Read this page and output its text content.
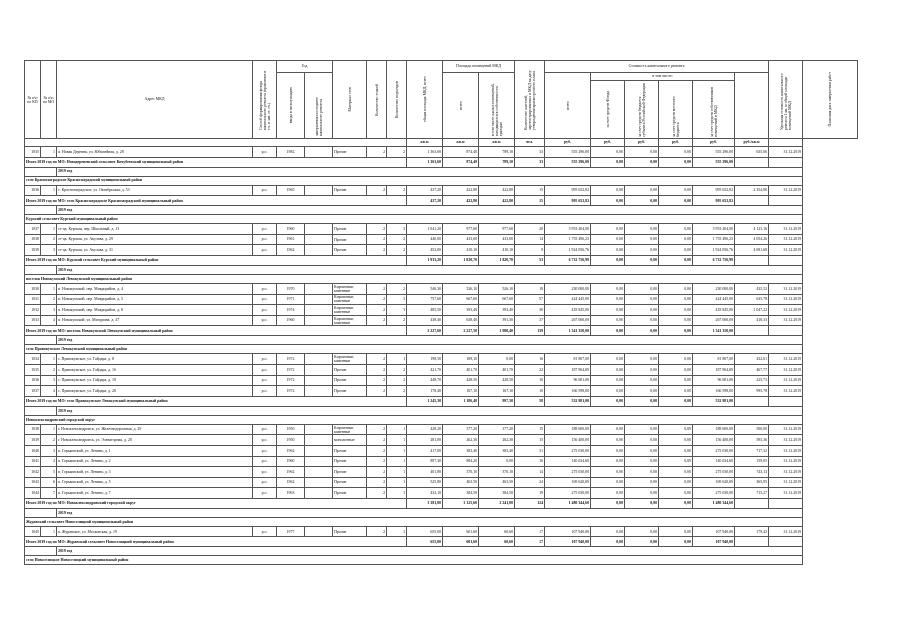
№ п\п по КП	№ п\п по МО	Адрес МКД	Способ формирования фонда капитального ремонта (правление в т.ч. в зав. от. сч.)	Год		Материал стен	Количество этажей	Количество подъездов	общая площадь МКД, всего	Площадь помещений МКД		Количество жителей, зарегистрированных в МКД на дату утверждения краткосрочного плана	Стоимость капитального ремонта						Удельная стоимость капитального ремонта 1 кв. м общей площади помещений МКД	Плановая дата завершения работ

				ввода в эксплуатацию	завершения последнего капитального ремонта					всего	в том числе жилых помещений, находящихся в собственности граждан		всего	в том числе:						

														за счет средств Фонда	за счет средств бюджета субъекта Российской Федерации	за счет средств местного бюджета	за счет средств собственников помещений в МКД			

									кв.м	кв.м	кв.м	чел.	руб.	руб.	руб.	руб.	руб.	руб./кв.м		
1035	1	п. Новая Деревня, ул. Юбилейная, д. 28	р.о.	1982		Прочие	2	2	1 363,60	874,40	789,10	33	555 296,00	0,00	0,00	0,00	555 296,00	635,06	31.12.2019	
Итого 2019 год по МО: Новодеревенский сельсовет Кочубеевский муниципальный район									1 363,60	874,40	789,10	33	555 296,00	0,00	0,00	0,00	555 296,00			
		2019 год																		
село Краснозаградское Краснозаградский муниципальный район																				
1036	1	с. Краснозаградское, ул. Октябрьская, д. 53	р.о.	1965		Прочие	2	2	437,20	422,80	422,80	15	995 652,82	0,00	0,00	0,00	995 652,82	2 354,90	31.12.2019	
Итого 2019 год по МО: село Краснозаградское Краснозаградский муниципальный район									437,20	422,80	422,80	15	995 652,82	0,00	0,00	0,00	995 652,82			
		2019 год																		
Курский сельсовет Курский муниципальный район																				
1037	1	ст-ца. Курская, пер. Школьный, д. 13	р.о.	1960		Прочие	2	3	1 041,20	977,60	977,60	20	3 953 204,00	0,00	0,00	0,00	3 953 204,00	4 123,16	31.12.2019	
1038	2	ст-ца. Курская, ул. Акулова, д. 29	р.о.	1961		Прочие	2	2	440,00	433,00	433,00	14	1 755 496,23	0,00	0,00	0,00	1 755 496,23	4 054,26	31.12.2019	
1039	3	ст-ца. Курская, ул. Акулова, д. 31	р.о.	1962		Прочие	2	2	452,00	410,10	410,10	9	1 924 056,76	0,00	0,00	0,00	1 924 056,76	4 691,68	31.12.2019	
Итого 2019 год по МО: Курский сельсовет Курский муниципальный район									1 933,20	1 820,70	1 820,70	53	6 732 756,99	0,00	0,00	0,00	6 732 756,99			
		2019 год																		
поселок Новокумский Левокумский муниципальный район																				
1030	1	п. Новокумский, пер. Микрорайон, д. 4	р.о.	1970		Кирпичные, каменные	2	2	546,30	526,10	526,10	18	230 000,00	0,00	0,00	0,00	230 000,00	435,52	31.12.2019	
1031	2	п. Новокумский, пер. Микрорайон, д. 5	р.о.	1971		Кирпичные, каменные	2	3	757,60	667,60	667,60	57	424 445,00	0,00	0,00	0,00	424 445,00	635,78	31.12.2019	
1032	3	п. Новокумский, пер. Микрорайон, д. 8	р.о.	1974		Кирпичные, каменные	2	3	485,50	393,40	393,40	30	418 845,00	0,00	0,00	0,00	418 845,00	1 047,22	31.12.2019	
1033	4	п. Новокумский, ул. Мичурина, д. 47	р.о.	1960		Кирпичные, каменные	2	2	438,40	638,40	391,30	37	267 060,00	0,00	0,00	0,00	267 060,00	418,33	31.12.2019	
Итого 2019 год по МО: поселок Новокумский Левокумский муниципальный район									2 227,60	2 227,50	1 980,40	139	1 341 350,00	0,00	0,00	0,00	1 341 350,00			
		2019 год																		
село Правокумское Левокумский муниципальный район																				
1034	1	с. Правокумское, ул. Гайдара, д. 8	р.о.	1972		Кирпичные, каменные	2	1	198,50	189,10	0,00	16	81 807,00	0,00	0,00	0,00	81 807,00	432,61	31.12.2019	
1035	2	с. Правокумское, ул. Гайдара, д. 16	р.о.	1972		Прочие	2	2	421,70	401,70	401,70	22	187 904,00	0,00	0,00	0,00	187 904,00	467,77	31.12.2019	
1036	3	с. Правокумское, ул. Гайдара, д. 18	р.о.	1972		Прочие	2	2	448,70	428,50	428,50	10	96 681,00	0,00	0,00	0,00	96 681,00	225,73	31.12.2019	
1037	4	с. Правокумское, ул. Гайдара, д. 20	р.о.	1972		Прочие	2	2	178,40	167,10	167,10	10	166 598,00	0,00	0,00	0,00	166 598,00	995,78	31.12.2019	
Итого 2019 год по МО: село Правокумское Левокумский муниципальный район									1 245,30	1 186,40	997,30	58	532 981,00	0,00	0,00	0,00	532 981,00			
		2019 год																		
Новоалександровский городской округ																				
1038	1	г. Новоалександровск, ул. Железнодорожная, д. 29	р.о.	1950		Кирпичные, каменные	2	1	428,20	377,20	377,20	15	188 600,00	0,00	0,00	0,00	188 600,00	500,00	31.12.2019	
1039	2	г. Новоалександровск, ул. Элеваторная, д. 20	р.о.	1950		монолитные	2	1	281,00	262,30	262,30	15	156 400,00	0,00	0,00	0,00	156 400,00	595,36	31.12.2019	
1040	3	п. Горьковский, ул. Ленина, д. 1	р.о.	1962		Прочие	2	1	417,00	383,40	383,40	31	275 030,00	0,00	0,00	0,00	275 030,00	717,32	31.12.2019	
1041	4	п. Горьковский, ул. Ленина, д. 2	р.о.	1960		Прочие	2	1	897,30	884,20	0,00	16	140 634,60	0,00	0,00	0,00	140 634,60	159,05	31.12.2019	
1042	5	п. Горьковский, ул. Ленина, д. 3	р.о.	1962		Прочие	2	1	401,80	370,10	370,10	14	275 030,00	0,00	0,00	0,00	275 030,00	743,13	31.12.2019	
1043	6	п. Горьковский, ул. Ленина, д. 5	р.о.	1962		Прочие	2	1	525,80	463,50	463,50	24	169 620,00	0,00	0,00	0,00	169 620,00	365,95	31.12.2019	
1044	7	п. Горьковский, ул. Ленина, д. 7	р.о.	1963		Прочие	2	1	432,10	384,50	384,50	19	275 030,00	0,00	0,00	0,00	275 030,00	715,27	31.12.2019	
Итого 2019 год по МО: Новоалександровский городской округ									3 383,80	3 125,60	2 241,00	124	1 480 344,60	0,00	0,00	0,00	1 480 344,60			
		2019 год																		
Журавский сельсовет Новоселицкий муниципальный район																				
1045	1	п. Журавское, ул. Московская, д. 19	р.о.	1977		Прочие	2	1	655,00	601,60	60,60	17	107 940,00	0,00	0,00	0,00	107 940,00	179,42	31.12.2019	
Итого 2019 год по МО: Журавский сельсовет Новоселицкий муниципальный район									655,00	601,60	60,60	17	107 940,00	0,00	0,00	0,00	107 940,00			
		2019 год																		
село Новоселицкое Новоселицкий муниципальный район																				
